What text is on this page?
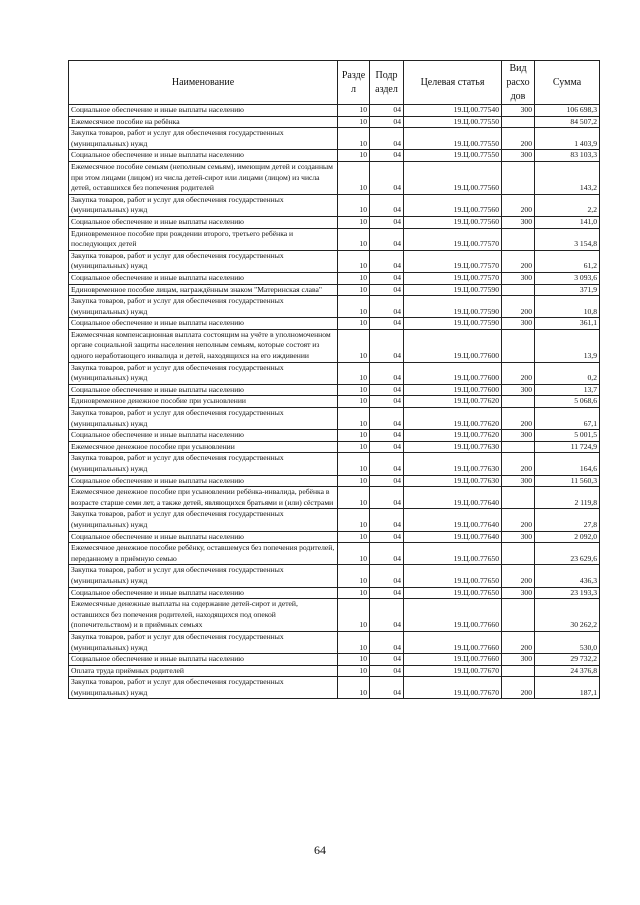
Наименование	Разде л	Подр аздел	Целевая статья	Вид расхо дов	Сумма
Социальное обеспечение и иные выплаты населению	10	04	19.Ц.00.77540	300	106 698,3
Ежемесячное пособие на ребёнка	10	04	19.Ц.00.77550		84 507,2
Закупка товаров, работ и услуг для обеспечения государственных (муниципальных) нужд	10	04	19.Ц.00.77550	200	1 403,9
Социальное обеспечение и иные выплаты населению	10	04	19.Ц.00.77550	300	83 103,3
Ежемесячное пособие семьям (неполным семьям), имеющим детей и созданным при этом лицами (лицом) из числа детей-сирот или лицами (лицом) из числа детей, оставшихся без попечения родителей	10	04	19.Ц.00.77560		143,2
Закупка товаров, работ и услуг для обеспечения государственных (муниципальных) нужд	10	04	19.Ц.00.77560	200	2,2
Социальное обеспечение и иные выплаты населению	10	04	19.Ц.00.77560	300	141,0
Единовременное пособие при рождении второго, третьего ребёнка и последующих детей	10	04	19.Ц.00.77570		3 154,8
Закупка товаров, работ и услуг для обеспечения государственных (муниципальных) нужд	10	04	19.Ц.00.77570	200	61,2
Социальное обеспечение и иные выплаты населению	10	04	19.Ц.00.77570	300	3 093,6
Единовременное пособие лицам, награждённым знаком "Материнская слава"	10	04	19.Ц.00.77590		371,9
Закупка товаров, работ и услуг для обеспечения государственных (муниципальных) нужд	10	04	19.Ц.00.77590	200	10,8
Социальное обеспечение и иные выплаты населению	10	04	19.Ц.00.77590	300	361,1
Ежемесячная компенсационная выплата состоящим на учёте в уполномоченном органе социальной защиты населения неполным семьям, которые состоят из одного неработающего инвалида и детей, находящихся на его иждивении	10	04	19.Ц.00.77600		13,9
Закупка товаров, работ и услуг для обеспечения государственных (муниципальных) нужд	10	04	19.Ц.00.77600	200	0,2
Социальное обеспечение и иные выплаты населению	10	04	19.Ц.00.77600	300	13,7
Единовременное денежное пособие при усыновлении	10	04	19.Ц.00.77620		5 068,6
Закупка товаров, работ и услуг для обеспечения государственных (муниципальных) нужд	10	04	19.Ц.00.77620	200	67,1
Социальное обеспечение и иные выплаты населению	10	04	19.Ц.00.77620	300	5 001,5
Ежемесячное денежное пособие при усыновлении	10	04	19.Ц.00.77630		11 724,9
Закупка товаров, работ и услуг для обеспечения государственных (муниципальных) нужд	10	04	19.Ц.00.77630	200	164,6
Социальное обеспечение и иные выплаты населению	10	04	19.Ц.00.77630	300	11 560,3
Ежемесячное денежное пособие при усыновлении ребёнка-инвалида, ребёнка в возрасте старше семи лет, а также детей, являющихся братьями и (или) сёстрами	10	04	19.Ц.00.77640		2 119,8
Закупка товаров, работ и услуг для обеспечения государственных (муниципальных) нужд	10	04	19.Ц.00.77640	200	27,8
Социальное обеспечение и иные выплаты населению	10	04	19.Ц.00.77640	300	2 092,0
Ежемесячное денежное пособие ребёнку, оставшемуся без попечения родителей, переданному в приёмную семью	10	04	19.Ц.00.77650		23 629,6
Закупка товаров, работ и услуг для обеспечения государственных (муниципальных) нужд	10	04	19.Ц.00.77650	200	436,3
Социальное обеспечение и иные выплаты населению	10	04	19.Ц.00.77650	300	23 193,3
Ежемесячные денежные выплаты на содержание детей-сирот и детей, оставшихся без попечения родителей, находящихся под опекой (попечительством) и в приёмных семьях	10	04	19.Ц.00.77660		30 262,2
Закупка товаров, работ и услуг для обеспечения государственных (муниципальных) нужд	10	04	19.Ц.00.77660	200	530,0
Социальное обеспечение и иные выплаты населению	10	04	19.Ц.00.77660	300	29 732,2
Оплата труда приёмных родителей	10	04	19.Ц.00.77670		24 376,8
Закупка товаров, работ и услуг для обеспечения государственных (муниципальных) нужд	10	04	19.Ц.00.77670	200	187,1
64
